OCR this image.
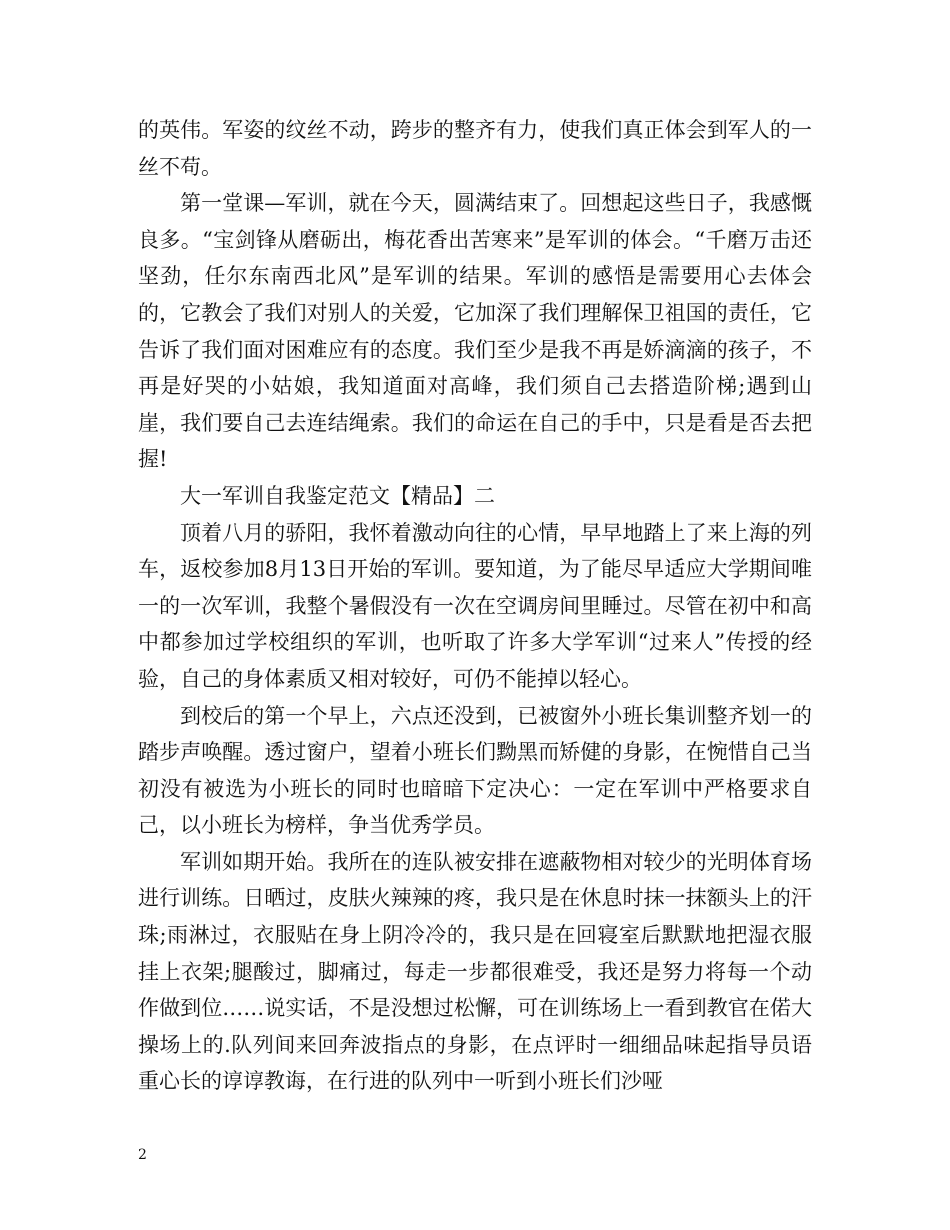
的英伟。军姿的纹丝不动，跨步的整齐有力，使我们真正体会到军人的一丝不苟。

第一堂课—军训，就在今天，圆满结束了。回想起这些日子，我感慨良多。“宝剑锋从磨砺出，梅花香出苦寒来”是军训的体会。“千磨万击还坚劲，任尔东南西北风”是军训的结果。军训的感悟是需要用心去体会的，它教会了我们对别人的关爱，它加深了我们理解保卫祖国的责任，它告诉了我们面对困难应有的态度。我们至少是我不再是娇滴滴的孩子，不再是好哭的小姑娘，我知道面对高峰，我们须自己去搭造阶梯;遇到山崖，我们要自己去连结绳索。我们的命运在自己的手中，只是看是否去把握!

大一军训自我鉴定范文【精品】二

顶着八月的骄阳，我怀着激动向往的心情，早早地踏上了来上海的列车，返校参加8月13日开始的军训。要知道，为了能尽早适应大学期间唯一的一次军训，我整个暑假没有一次在空调房间里睡过。尽管在初中和高中都参加过学校组织的军训，也听取了许多大学军训“过来人”传授的经验，自己的身体素质又相对较好，可仍不能掉以轻心。

到校后的第一个早上，六点还没到，已被窗外小班长集训整齐划一的踏步声唤醒。透过窗户，望着小班长们黝黑而矫健的身影，在惋惜自己当初没有被选为小班长的同时也暗暗下定决心：一定在军训中严格要求自己，以小班长为榜样，争当优秀学员。

军训如期开始。我所在的连队被安排在遮蔽物相对较少的光明体育场进行训练。日晒过，皮肤火辣辣的疼，我只是在休息时抹一抹额头上的汗珠;雨淋过，衣服贴在身上阴冷冷的，我只是在回寝室后默默地把湿衣服挂上衣架;腿酸过，脚痛过，每走一步都很难受，我还是努力将每一个动作做到位……说实话，不是没想过松懈，可在训练场上一看到教官在偌大操场上的.队列间来回奔波指点的身影，在点评时一细细品味起指导员语重心长的谆谆教诲，在行进的队列中一听到小班长们沙哑

2
